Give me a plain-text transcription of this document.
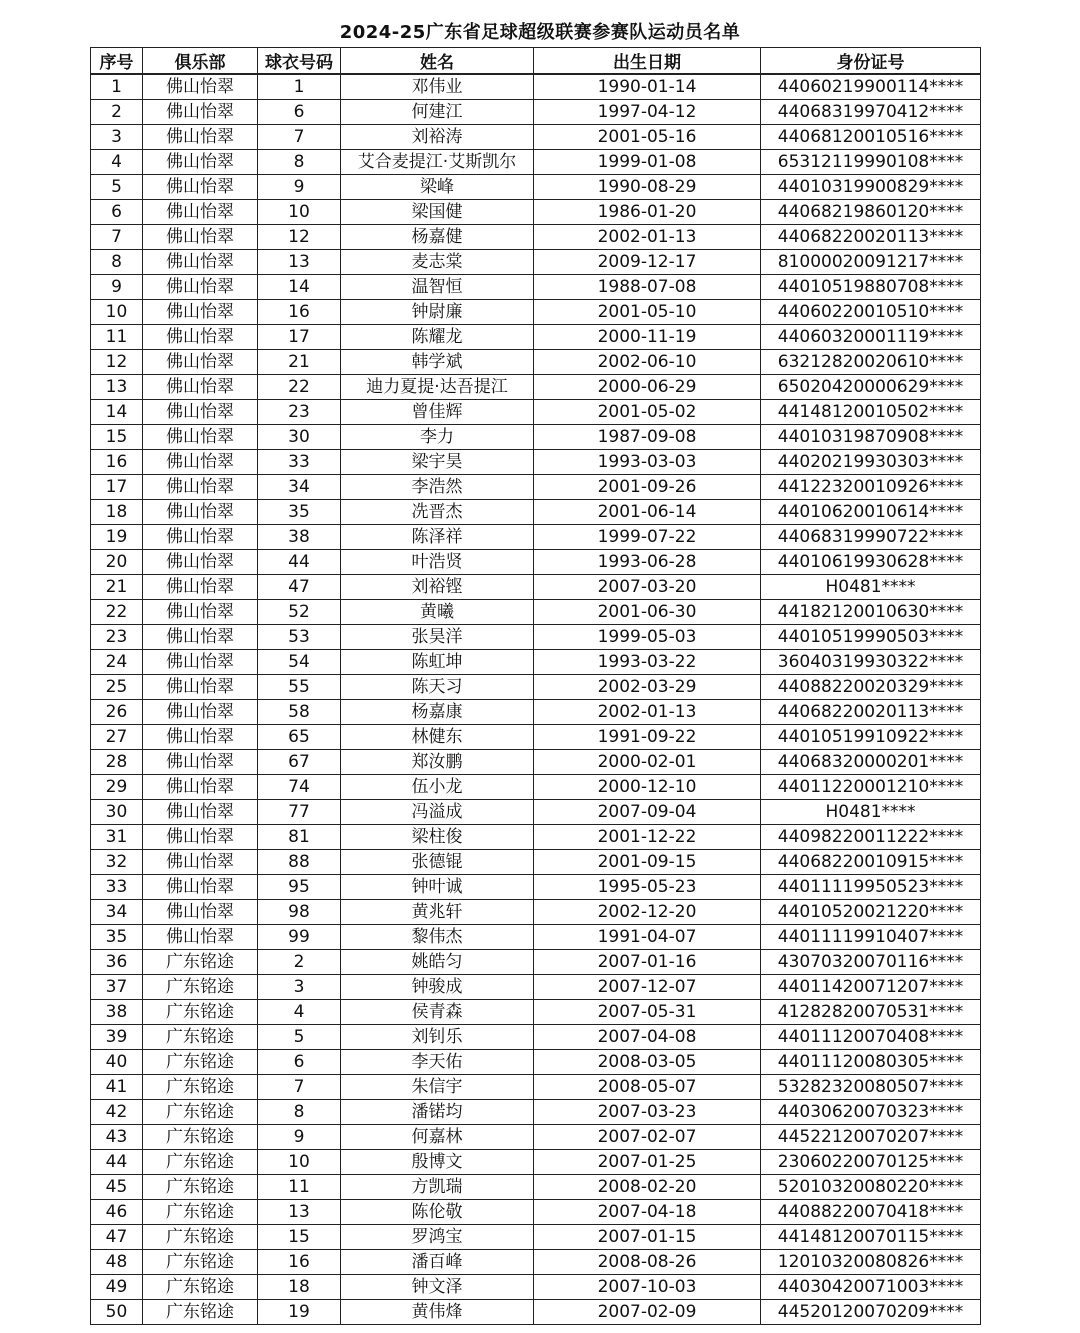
2024-25广东省足球超级联赛参赛队运动员名单
序号	俱乐部	球衣号码	姓名	出生日期	身份证号
1	佛山怡翠	1	邓伟业	1990-01-14	44060219900114****
2	佛山怡翠	6	何建江	1997-04-12	44068319970412****
3	佛山怡翠	7	刘裕涛	2001-05-16	44068120010516****
4	佛山怡翠	8	艾合麦提江·艾斯凯尔	1999-01-08	65312119990108****
5	佛山怡翠	9	梁峰	1990-08-29	44010319900829****
6	佛山怡翠	10	梁国健	1986-01-20	44068219860120****
7	佛山怡翠	12	杨嘉健	2002-01-13	44068220020113****
8	佛山怡翠	13	麦志棠	2009-12-17	81000020091217****
9	佛山怡翠	14	温智恒	1988-07-08	44010519880708****
10	佛山怡翠	16	钟尉廉	2001-05-10	44060220010510****
11	佛山怡翠	17	陈耀龙	2000-11-19	44060320001119****
12	佛山怡翠	21	韩学斌	2002-06-10	63212820020610****
13	佛山怡翠	22	迪力夏提·达吾提江	2000-06-29	65020420000629****
14	佛山怡翠	23	曾佳辉	2001-05-02	44148120010502****
15	佛山怡翠	30	李力	1987-09-08	44010319870908****
16	佛山怡翠	33	梁宇昊	1993-03-03	44020219930303****
17	佛山怡翠	34	李浩然	2001-09-26	44122320010926****
18	佛山怡翠	35	冼晋杰	2001-06-14	44010620010614****
19	佛山怡翠	38	陈泽祥	1999-07-22	44068319990722****
20	佛山怡翠	44	叶浩贤	1993-06-28	44010619930628****
21	佛山怡翠	47	刘裕铿	2007-03-20	H0481****
22	佛山怡翠	52	黄曦	2001-06-30	44182120010630****
23	佛山怡翠	53	张昊洋	1999-05-03	44010519990503****
24	佛山怡翠	54	陈虹坤	1993-03-22	36040319930322****
25	佛山怡翠	55	陈天习	2002-03-29	44088220020329****
26	佛山怡翠	58	杨嘉康	2002-01-13	44068220020113****
27	佛山怡翠	65	林健东	1991-09-22	44010519910922****
28	佛山怡翠	67	郑汝鹏	2000-02-01	44068320000201****
29	佛山怡翠	74	伍小龙	2000-12-10	44011220001210****
30	佛山怡翠	77	冯溢成	2007-09-04	H0481****
31	佛山怡翠	81	梁柱俊	2001-12-22	44098220011222****
32	佛山怡翠	88	张德锟	2001-09-15	44068220010915****
33	佛山怡翠	95	钟叶诚	1995-05-23	44011119950523****
34	佛山怡翠	98	黄兆轩	2002-12-20	44010520021220****
35	佛山怡翠	99	黎伟杰	1991-04-07	44011119910407****
36	广东铭途	2	姚皓匀	2007-01-16	43070320070116****
37	广东铭途	3	钟骏成	2007-12-07	44011420071207****
38	广东铭途	4	侯青森	2007-05-31	41282820070531****
39	广东铭途	5	刘钊乐	2007-04-08	44011120070408****
40	广东铭途	6	李天佑	2008-03-05	44011120080305****
41	广东铭途	7	朱信宇	2008-05-07	53282320080507****
42	广东铭途	8	潘锘均	2007-03-23	44030620070323****
43	广东铭途	9	何嘉林	2007-02-07	44522120070207****
44	广东铭途	10	殷博文	2007-01-25	23060220070125****
45	广东铭途	11	方凯瑞	2008-02-20	52010320080220****
46	广东铭途	13	陈伦敬	2007-04-18	44088220070418****
47	广东铭途	15	罗鸿宝	2007-01-15	44148120070115****
48	广东铭途	16	潘百峰	2008-08-26	12010320080826****
49	广东铭途	18	钟文泽	2007-10-03	44030420071003****
50	广东铭途	19	黄伟烽	2007-02-09	44520120070209****
